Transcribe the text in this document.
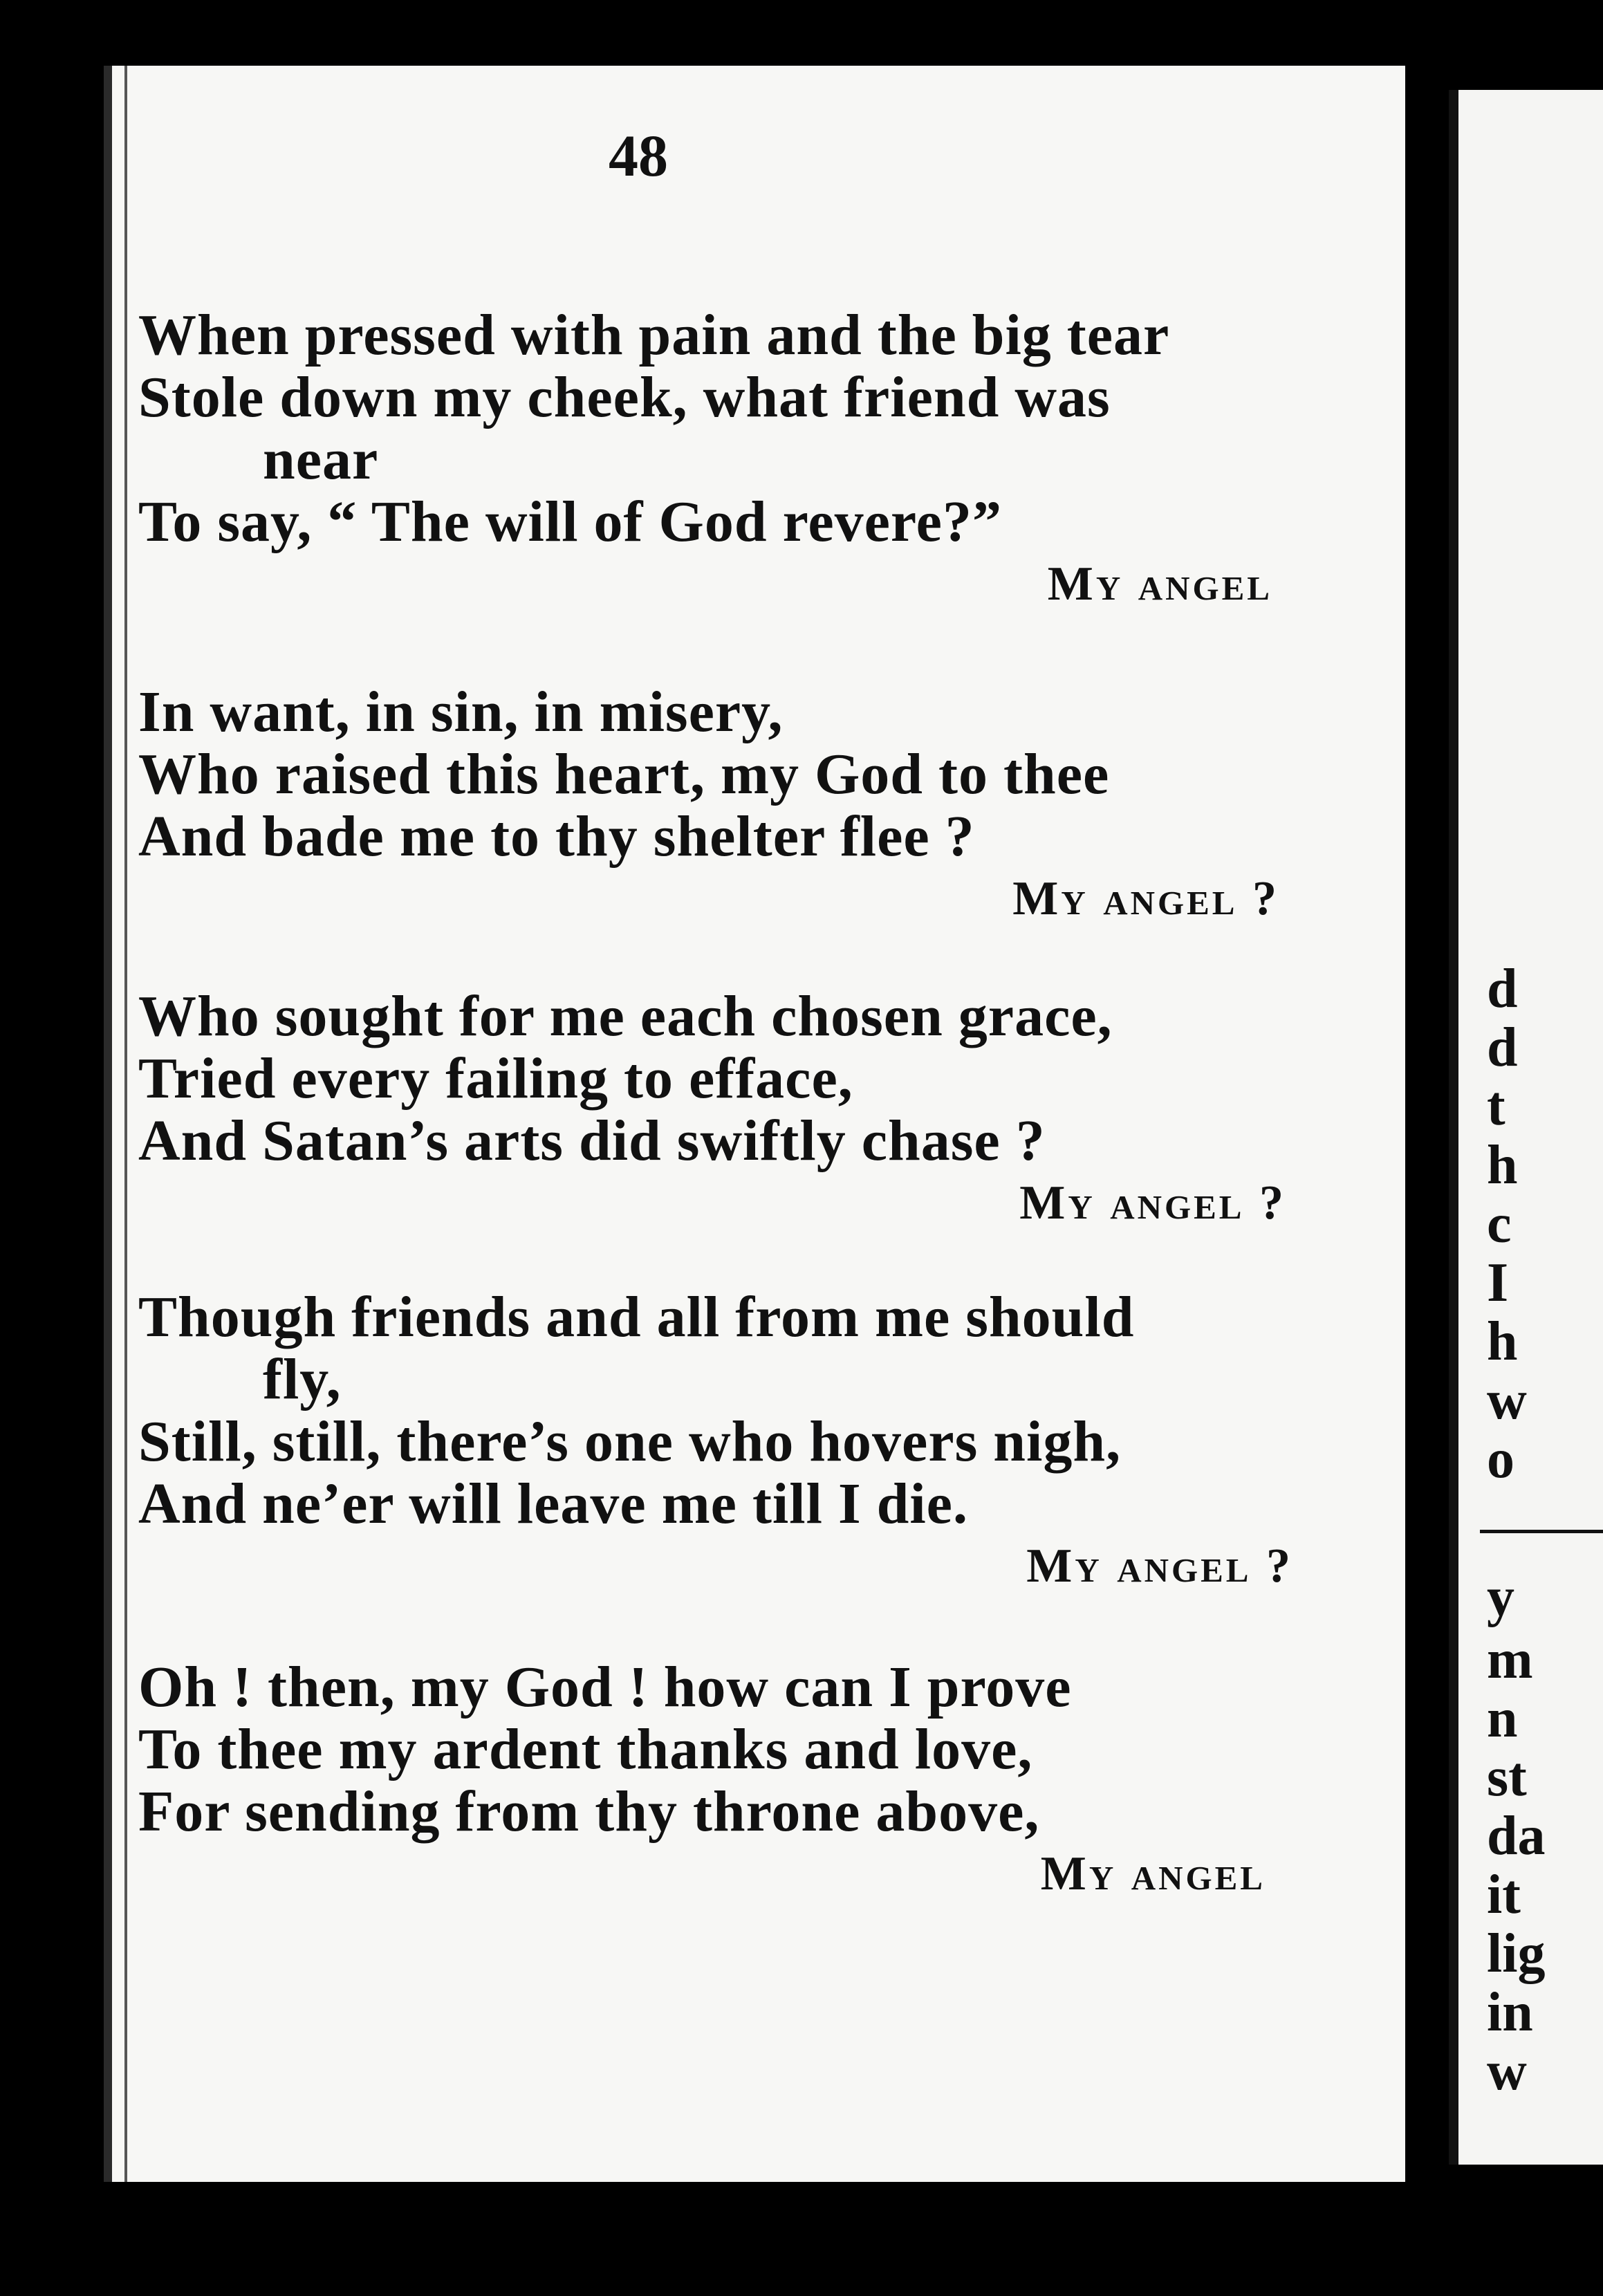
48
When pressed with pain and the big tear
Stole down my cheek, what friend was
near
To say, “ The will of God revere?”
My angel
In want, in sin, in misery,
Who raised this heart, my God to thee
And bade me to thy shelter flee ?
My angel ?
Who sought for me each chosen grace,
Tried every failing to efface,
And Satan’s arts did swiftly chase ?
My angel ?
Though friends and all from me should
fly,
Still, still, there’s one who hovers nigh,
And ne’er will leave me till I die.
My angel ?
Oh ! then, my God ! how can I prove
To thee my ardent thanks and love,
For sending from thy throne above,
My angel
d
d
t
h
c
I
h
w
o
y
m
n
st
da
it
lig
in
w
